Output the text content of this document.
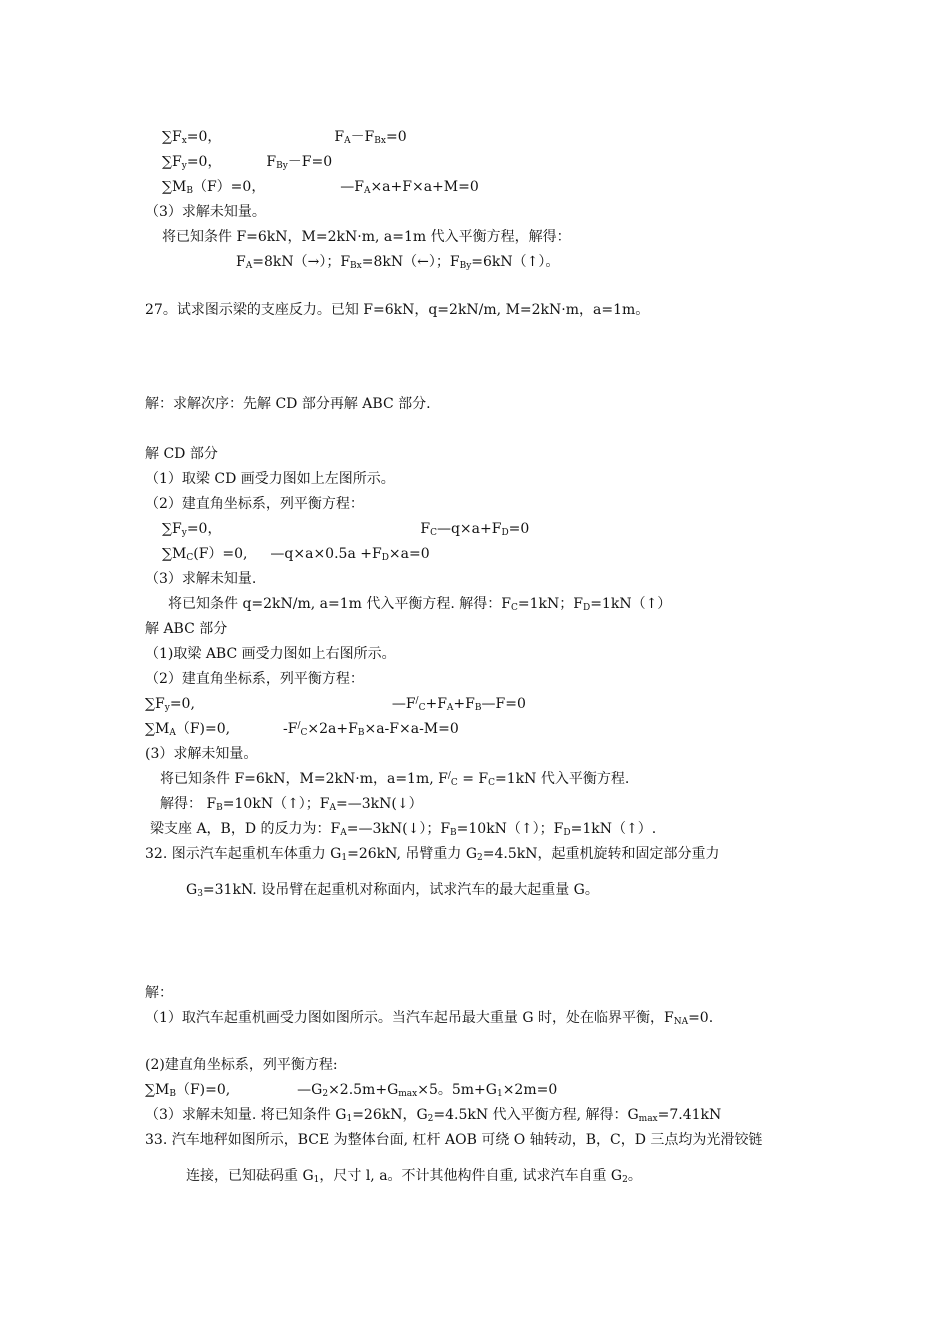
$\sum F_x=0$，	$F_A-F_{Bx}=0$
$\sum F_y=0$，	$F_{By}-F=0$
$\sum M_B(F)=0$，	$—F_A\times a+F\times a+M=0$
（3）求解未知量。
将已知条件 F=6kN，M=2kN·m, a=1m 代入平衡方程，解得：
$F_A=8kN(\to)$；$F_{Bx}=8kN(\leftarrow)$；$F_{By}=6kN(↑)$。
27。试求图示梁的支座反力。已知 F=6kN，q=2kN/m, M=2kN·m，a=1m。
解：求解次序：先解 CD 部分再解 ABC 部分.
解 CD 部分
（1）取梁 CD 画受力图如上左图所示。
（2）建直角坐标系，列平衡方程：
$\sum F_y=0$，	$F_C—q\times a+F_D=0$
$\sum M_C(F)=0$, —q×a×0.5a $+F_D\times a=0$
（3）求解未知量.
将已知条件 q=2kN/m, a=1m 代入平衡方程. 解得：$F_C=1kN$；$F_D=1kN(↑)$
解 ABC 部分
（1)取梁 ABC 画受力图如上右图所示。
（2）建直角坐标系，列平衡方程：
$\sum F_y=0$,	$—F^/_C+F_A+F_B—F=0$
$\sum M_A(F)=0$,	$-F^/_C\times 2a+F_B\times a-F\times a-M=0$
(3）求解未知量。
将已知条件 F=6kN，M=2kN·m，a=1m, $F^/_C = F_C=1kN$ 代入平衡方程.
解得： $F_B=10kN(↑)$；$F_A=—3kN(↓)$
梁支座 A，B，D 的反力为：$F_A=—3kN(↓)$；$F_B=10kN(↑)$；$F_D=1kN(↑)$.
32. 图示汽车起重机车体重力 $G_1=26kN$, 吊臂重力 $G_2=4.5kN$，起重机旋转和固定部分重力
$G_3=31kN$. 设吊臂在起重机对称面内，试求汽车的最大起重量 G。
解：
（1）取汽车起重机画受力图如图所示。当汽车起吊最大重量 G 时，处在临界平衡，$F_{NA}=0$.
(2)建直角坐标系，列平衡方程:
$\sum M_B(F)=0$,	$—G_2\times 2.5m+G_{max}\times 5$。$5m+G_1\times 2m=0$
（3）求解未知量. 将已知条件 $G_1=26kN$，$G_2=4.5kN$ 代入平衡方程, 解得：$G_{max}=7.41kN$
33. 汽车地秤如图所示，BCE 为整体台面, 杠杆 AOB 可绕 O 轴转动，B，C，D 三点均为光滑铰链
连接，已知砝码重 $G_1$，尺寸 l, a。不计其他构件自重, 试求汽车自重 $G_2$。
